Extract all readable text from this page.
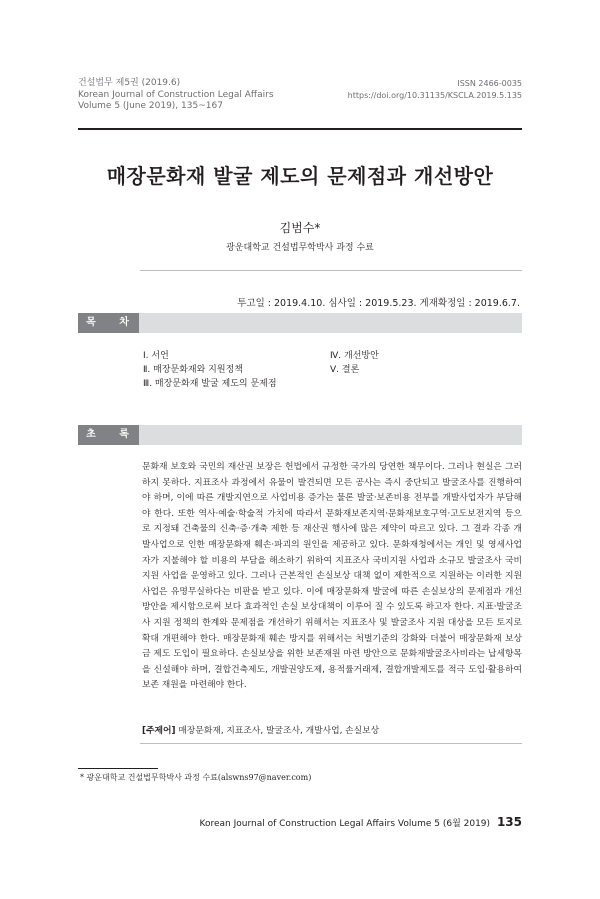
건설법무 제5권 (2019.6)
Korean Journal of Construction Legal Affairs
Volume 5 (June 2019), 135~167
ISSN 2466-0035
https://doi.org/10.31135/KSCLA.2019.5.135
매장문화재 발굴 제도의 문제점과 개선방안
김범수*
광운대학교 건설법무학박사 과정 수료
투고일 : 2019.4.10. 심사일 : 2019.5.23. 게재확정일 : 2019.6.7.
목 차
Ⅰ. 서언
Ⅱ. 매장문화재와 지원정책
Ⅲ. 매장문화재 발굴 제도의 문제점
Ⅳ. 개선방안
Ⅴ. 결론
초 록

문화재 보호와 국민의 재산권 보장은 헌법에서 규정한 국가의 당연한 책무이다. 그러나 현실은 그러하지 못하다. 지표조사 과정에서 유물이 발견되면 모든 공사는 즉시 중단되고 발굴조사를 진행하여야 하며, 이에 따른 개발지연으로 사업비용 증가는 물론 발굴·보존비용 전부를 개발사업자가 부담해야 한다. 또한 역사·예술·학술적 가치에 따라서 문화재보존지역·문화재보호구역·고도보전지역 등으로 지정돼 건축물의 신축·증·개축 제한 등 재산권 행사에 많은 제약이 따르고 있다. 그 결과 각종 개발사업으로 인한 매장문화재 훼손·파괴의 원인을 제공하고 있다. 문화재청에서는 개인 및 영세사업자가 지불해야 할 비용의 부담을 해소하기 위하여 지표조사 국비지원 사업과 소규모 발굴조사 국비지원 사업을 운영하고 있다. 그러나 근본적인 손실보상 대책 없이 제한적으로 지원하는 이러한 지원사업은 유명무실하다는 비판을 받고 있다. 이에 매장문화재 발굴에 따른 손실보상의 문제점과 개선방안을 제시함으로써 보다 효과적인 손실 보상대책이 이루어 질 수 있도록 하고자 한다. 지표·발굴조사 지원 정책의 한계와 문제점을 개선하기 위해서는 지표조사 및 발굴조사 지원 대상을 모든 토지로 확대 개편해야 한다. 매장문화재 훼손 방지를 위해서는 처벌기준의 강화와 더불어 매장문화재 보상금 제도 도입이 필요하다. 손실보상을 위한 보존재원 마련 방안으로 문화재발굴조사비라는 납세항목을 신설해야 하며, 결합건축제도, 개발권양도제, 용적률거래제, 결합개발제도를 적극 도입·활용하여 보존 재원을 마련해야 한다.

[주제어] 매장문화재, 지표조사, 발굴조사, 개발사업, 손실보상
* 광운대학교 건설법무학박사 과정 수료(alswns97@naver.com)
Korean Journal of Construction Legal Affairs Volume 5 (6월 2019) 135
